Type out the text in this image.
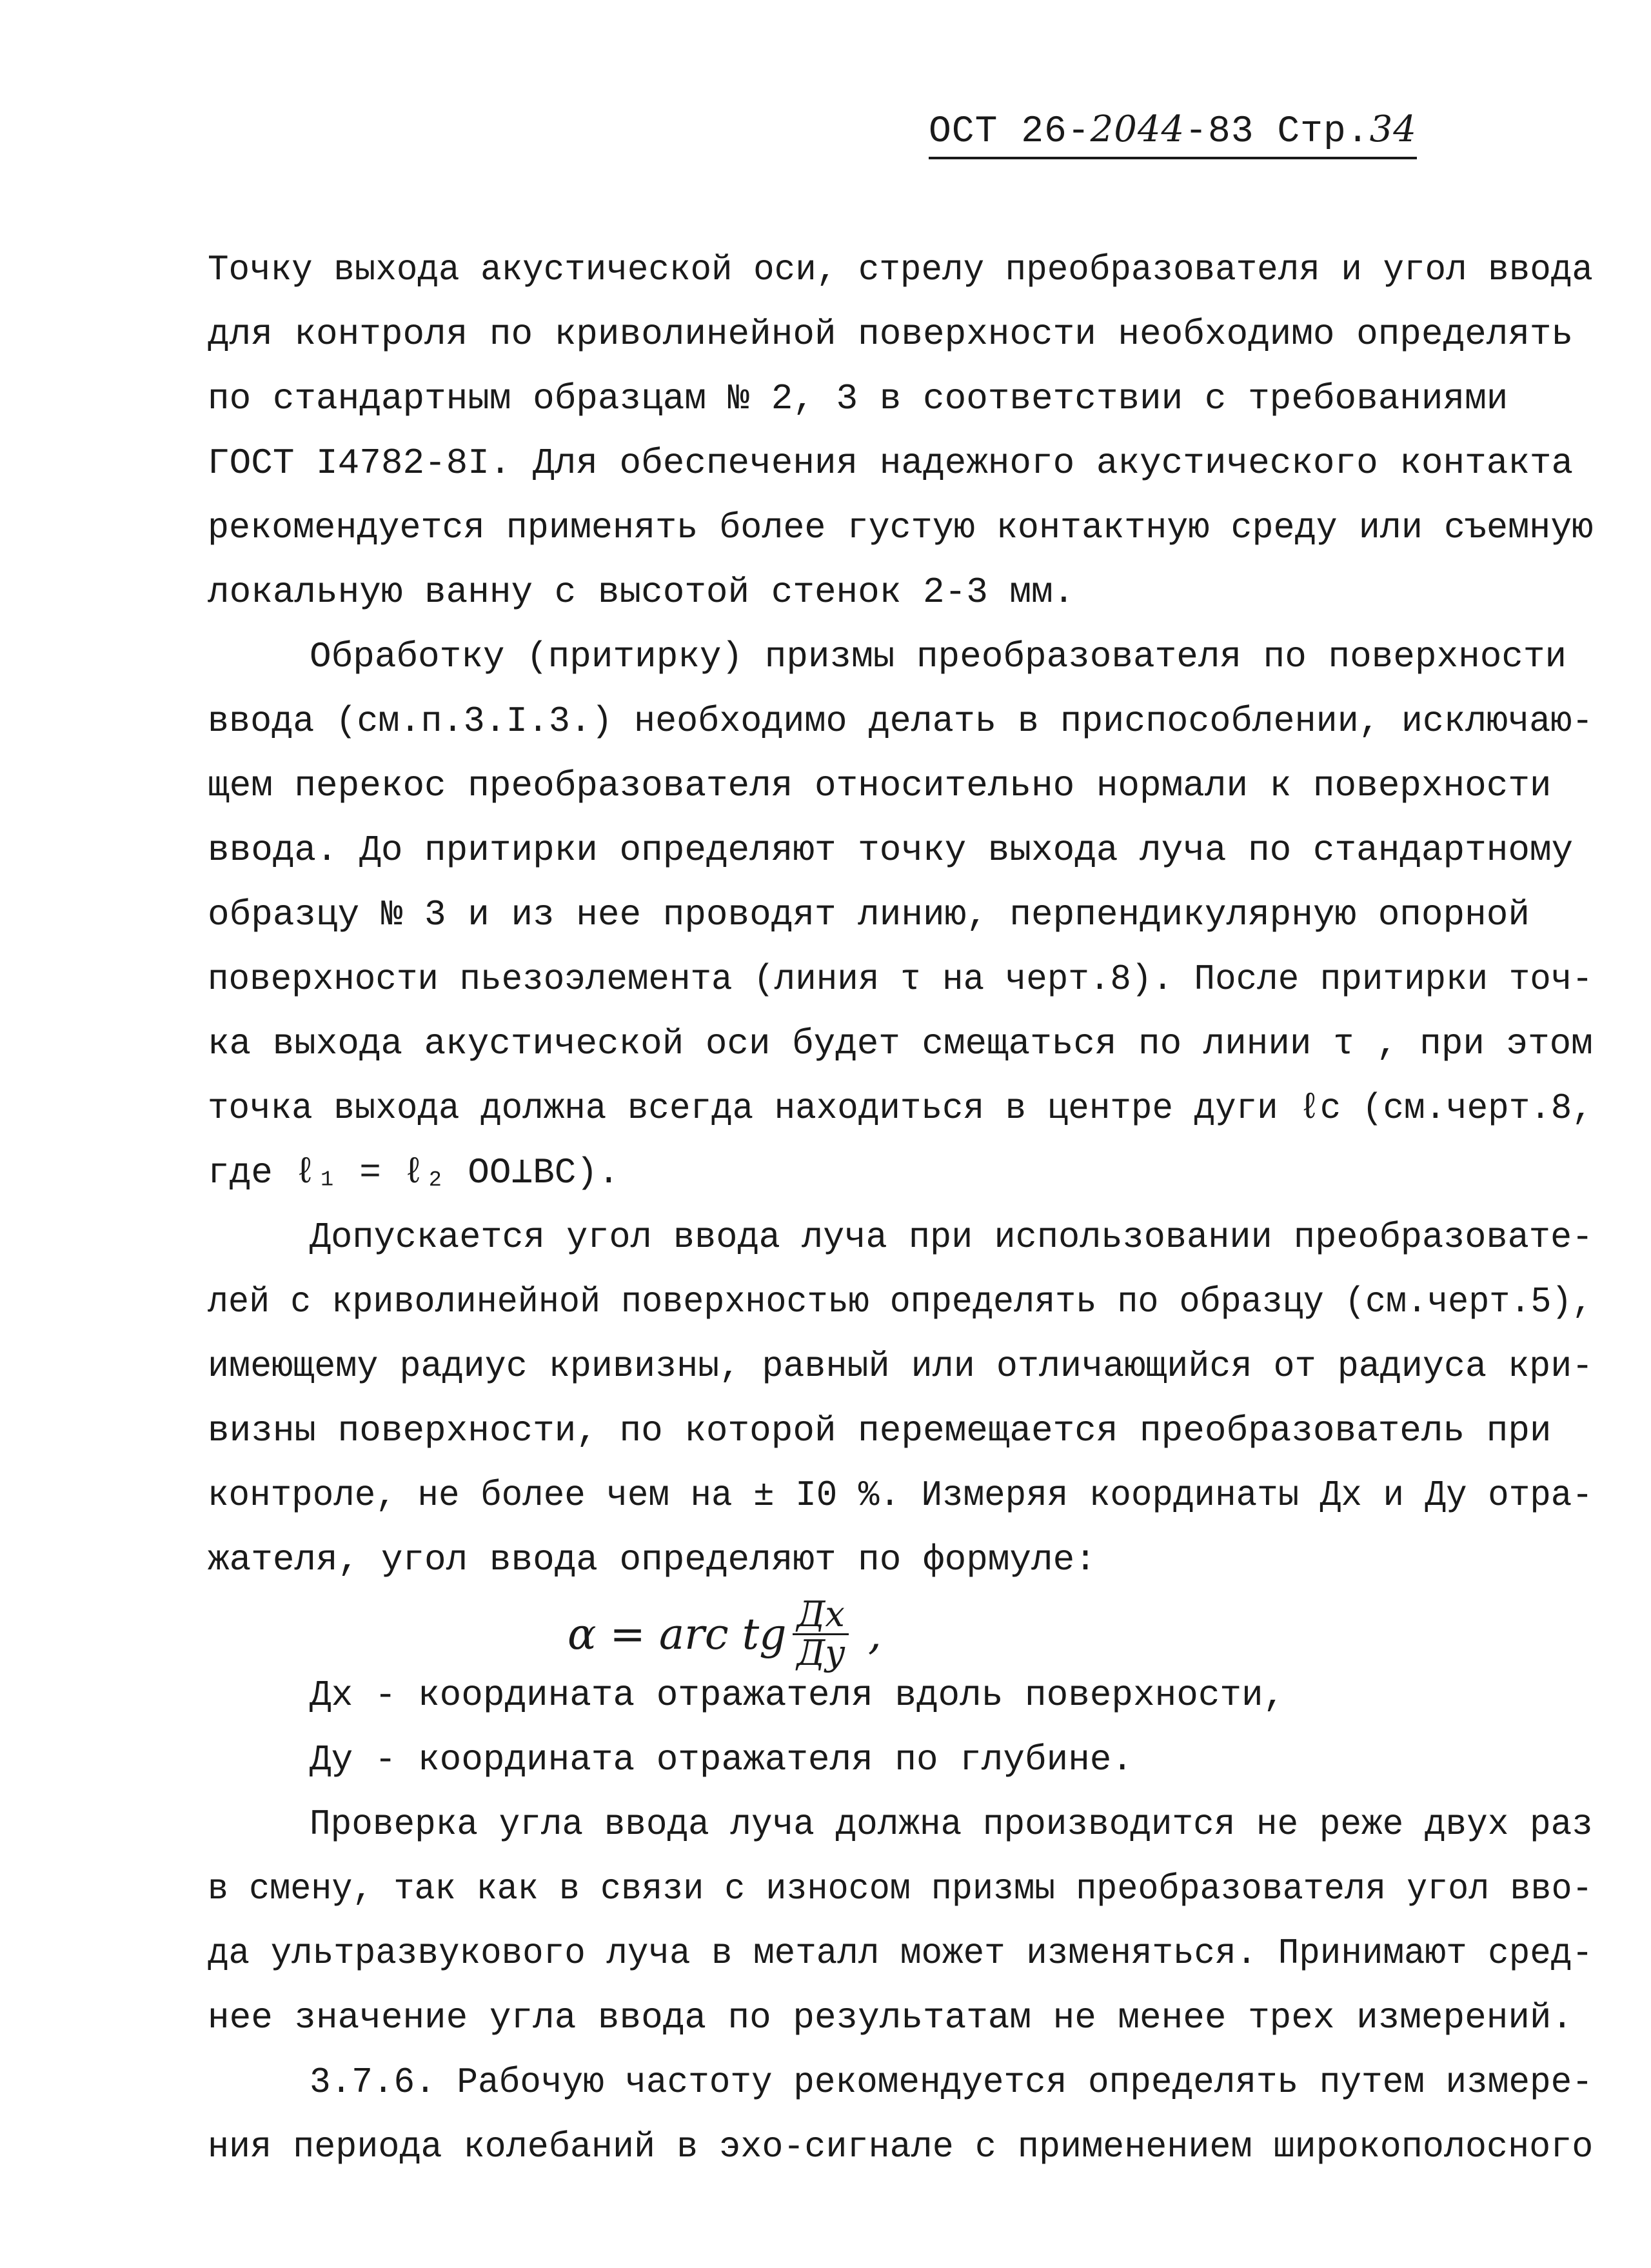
ОСТ 26-2044-83 Стр.34
Точку выхода акустической оси, стрелу преобразователя и угол ввода
для контроля по криволинейной поверхности необходимо определять
по стандартным образцам № 2, 3 в соответствии с требованиями
ГОСТ I4782-8I. Для обеспечения надежного акустического контакта
рекомендуется применять более густую контактную среду или съемную
локальную ванну с высотой стенок 2-3 мм.
Обработку (притирку) призмы преобразователя по поверхности
ввода (см.п.3.I.3.) необходимо делать в приспособлении, исключаю-
щем перекос преобразователя относительно нормали к поверхности
ввода. До притирки определяют точку выхода луча по стандартному
образцу № 3 и из нее проводят линию, перпендикулярную опорной
поверхности пьезоэлемента (линия τ на черт.8). После притирки точ-
ка выхода акустической оси будет смещаться по линии τ , при этом
точка выхода должна всегда находиться в центре дуги ℓc (см.черт.8,
где ℓ₁ = ℓ₂ OO⊥BC).
Допускается угол ввода луча при использовании преобразовате-
лей с криволинейной поверхностью определять по образцу (см.черт.5),
имеющему радиус кривизны, равный или отличающийся от радиуса кри-
визны поверхности, по которой перемещается преобразователь при
контроле, не более чем на ± I0 %. Измеряя координаты Дx и Дy отра-
жателя, угол ввода определяют по формуле:
α = arc tg $\frac{Дx}{Дy}$ ,
Дx - координата отражателя вдоль поверхности,
Дy - координата отражателя по глубине.
Проверка угла ввода луча должна производится не реже двух раз
в смену, так как в связи с износом призмы преобразователя угол вво-
да ультразвукового луча в металл может изменяться. Принимают сред-
нее значение угла ввода по результатам не менее трех измерений.
3.7.6. Рабочую частоту рекомендуется определять путем измере-
ния периода колебаний в эхо-сигнале с применением широкополосного
